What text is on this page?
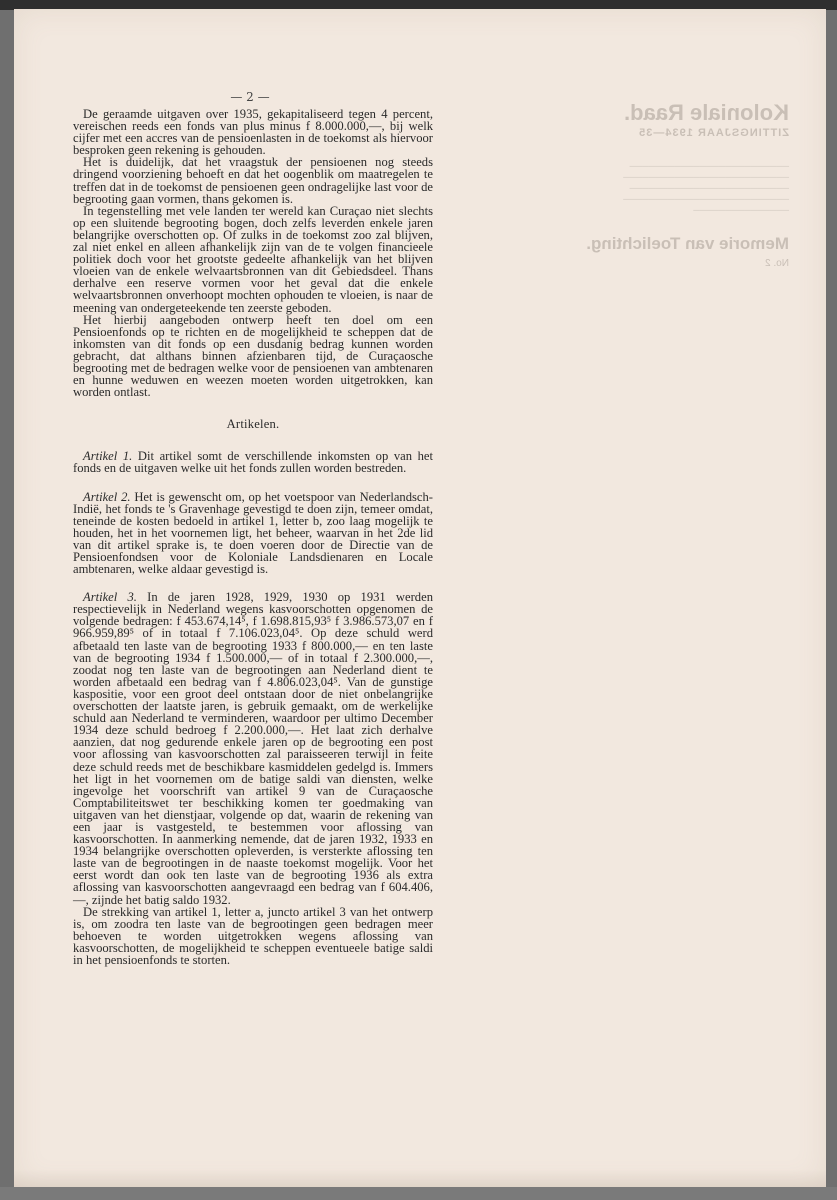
Koloniale Raad.
ZITTINGSJAAR 1934—35
─────────────────────────
──────────────────────────
─────────────────────────
──────────────────────────
───────────────
Memorie van Toelichting.
No. 2
— 2 —

De geraamde uitgaven over 1935, gekapitaliseerd tegen 4 percent, vereischen reeds een fonds van plus minus f 8.000.000,—, bij welk cijfer met een accres van de pensioenlasten in de toekomst als hiervoor besproken geen rekening is gehouden.

Het is duidelijk, dat het vraagstuk der pensioenen nog steeds dringend voorziening behoeft en dat het oogenblik om maatregelen te treffen dat in de toekomst de pensioenen geen ondragelijke last voor de begrooting gaan vormen, thans gekomen is.

In tegenstelling met vele landen ter wereld kan Curaçao niet slechts op een sluitende begrooting bogen, doch zelfs leverden enkele jaren belangrijke overschotten op. Of zulks in de toekomst zoo zal blijven, zal niet enkel en alleen afhankelijk zijn van de te volgen financieele politiek doch voor het grootste gedeelte afhankelijk van het blijven vloeien van de enkele welvaartsbronnen van dit Gebiedsdeel. Thans derhalve een reserve vormen voor het geval dat die enkele welvaartsbronnen onverhoopt mochten ophouden te vloeien, is naar de meening van ondergeteekende ten zeerste geboden.

Het hierbij aangeboden ontwerp heeft ten doel om een Pensioenfonds op te richten en de mogelijkheid te scheppen dat de inkomsten van dit fonds op een dusdanig bedrag kunnen worden gebracht, dat althans binnen afzienbaren tijd, de Curaçaosche begrooting met de bedragen welke voor de pensioenen van ambtenaren en hunne weduwen en weezen moeten worden uitgetrokken, kan worden ontlast.

Artikelen.

Artikel 1. Dit artikel somt de verschillende inkomsten op van het fonds en de uitgaven welke uit het fonds zullen worden bestreden.

Artikel 2. Het is gewenscht om, op het voetspoor van Nederlandsch-Indië, het fonds te 's Gravenhage gevestigd te doen zijn, temeer omdat, teneinde de kosten bedoeld in artikel 1, letter b, zoo laag mogelijk te houden, het in het voornemen ligt, het beheer, waarvan in het 2de lid van dit artikel sprake is, te doen voeren door de Directie van de Pensioenfondsen voor de Koloniale Landsdienaren en Locale ambtenaren, welke aldaar gevestigd is.

Artikel 3. In de jaren 1928, 1929, 1930 op 1931 werden respectievelijk in Nederland wegens kasvoorschotten opgenomen de volgende bedragen: f 453.674,14⁵, f 1.698.815,93⁵ f 3.986.573,07 en f 966.959,89⁵ of in totaal f 7.106.023,04⁵. Op deze schuld werd afbetaald ten laste van de begrooting 1933 f 800.000,— en ten laste van de begrooting 1934 f 1.500.000,— of in totaal f 2.300.000,—, zoodat nog ten laste van de begrootingen aan Nederland dient te worden afbetaald een bedrag van f 4.806.023,04⁵. Van de gunstige kaspositie, voor een groot deel ontstaan door de niet onbelangrijke overschotten der laatste jaren, is gebruik gemaakt, om de werkelijke schuld aan Nederland te verminderen, waardoor per ultimo December 1934 deze schuld bedroeg f 2.200.000,—. Het laat zich derhalve aanzien, dat nog gedurende enkele jaren op de begrooting een post voor aflossing van kasvoorschotten zal paraisseeren terwijl in feite deze schuld reeds met de beschikbare kasmiddelen gedelgd is. Immers het ligt in het voornemen om de batige saldi van diensten, welke ingevolge het voorschrift van artikel 9 van de Curaçaosche Comptabiliteitswet ter beschikking komen ter goedmaking van uitgaven van het dienstjaar, volgende op dat, waarin de rekening van een jaar is vastgesteld, te bestemmen voor aflossing van kasvoorschotten. In aanmerking nemende, dat de jaren 1932, 1933 en 1934 belangrijke overschotten opleverden, is versterkte aflossing ten laste van de begrootingen in de naaste toekomst mogelijk. Voor het eerst wordt dan ook ten laste van de begrooting 1936 als extra aflossing van kasvoorschotten aangevraagd een bedrag van f 604.406,—, zijnde het batig saldo 1932.

De strekking van artikel 1, letter a, juncto artikel 3 van het ontwerp is, om zoodra ten laste van de begrootingen geen bedragen meer behoeven te worden uitgetrokken wegens aflossing van kasvoorschotten, de mogelijkheid te scheppen eventueele batige saldi in het pensioenfonds te storten.
